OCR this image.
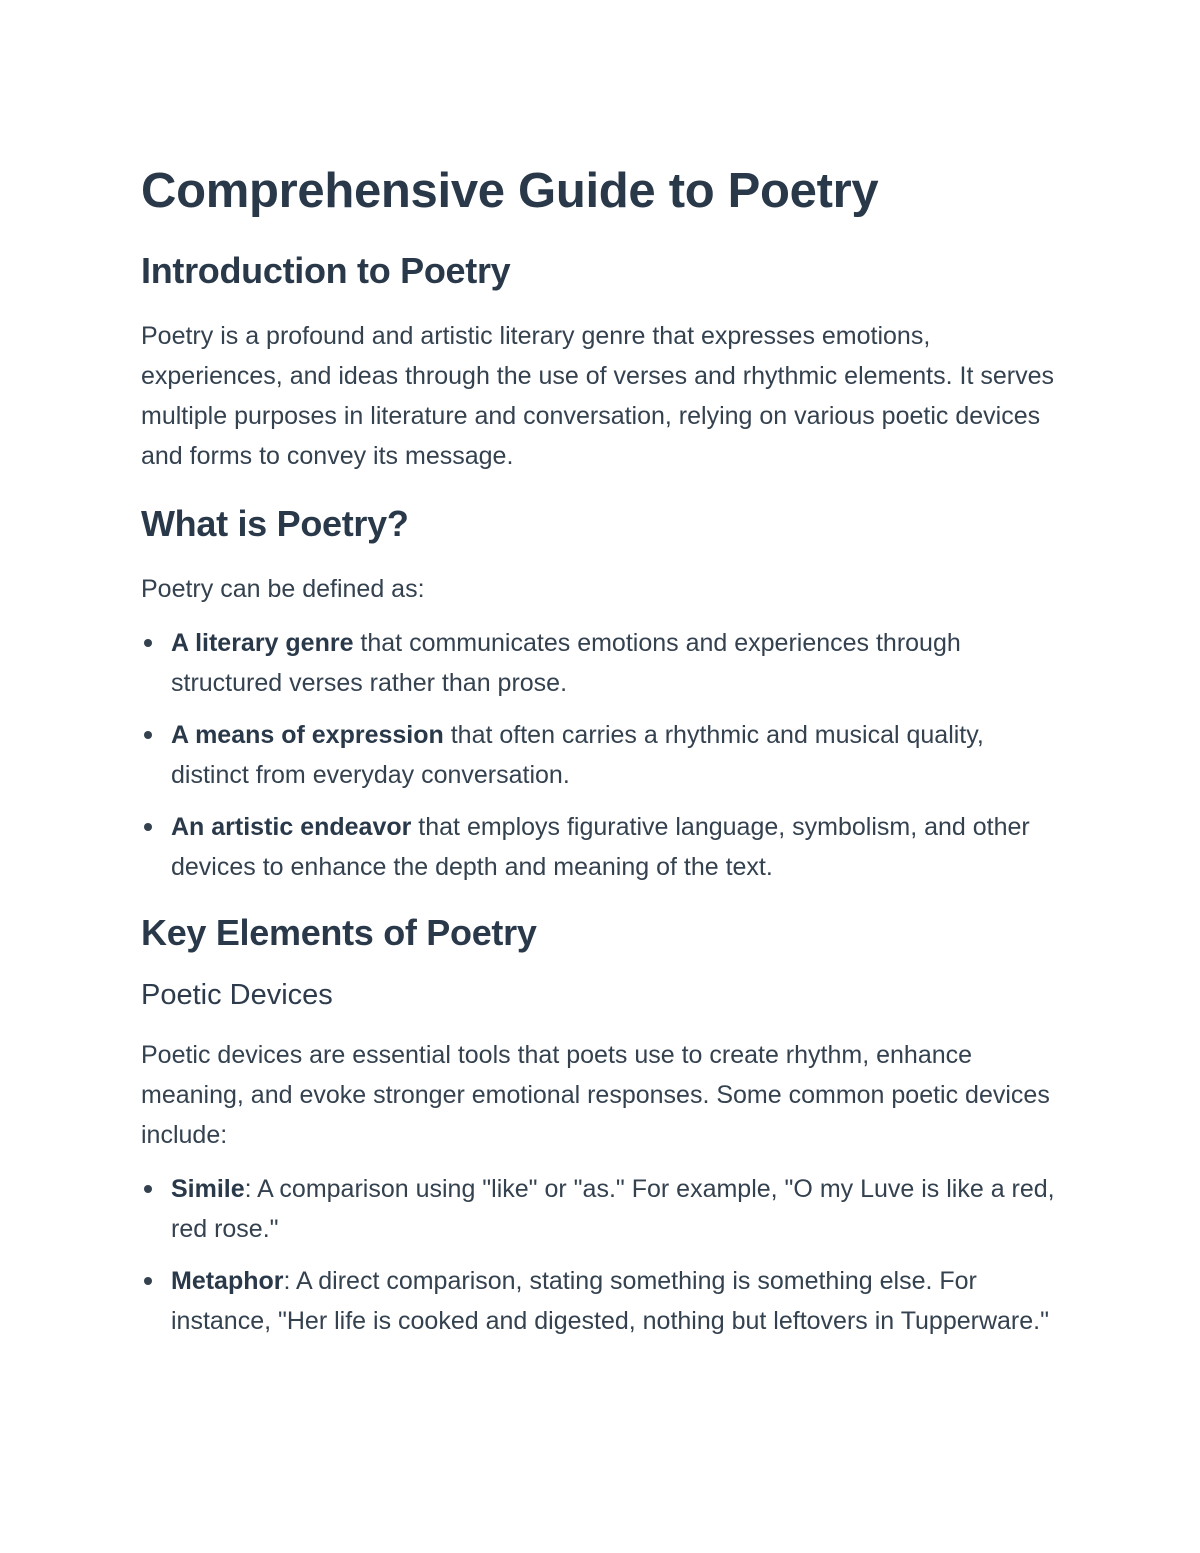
Comprehensive Guide to Poetry
Introduction to Poetry

Poetry is a profound and artistic literary genre that expresses emotions, experiences, and ideas through the use of verses and rhythmic elements. It serves multiple purposes in literature and conversation, relying on various poetic devices and forms to convey its message.

What is Poetry?

Poetry can be defined as:

A literary genre that communicates emotions and experiences through structured verses rather than prose.
A means of expression that often carries a rhythmic and musical quality, distinct from everyday conversation.
An artistic endeavor that employs figurative language, symbolism, and other devices to enhance the depth and meaning of the text.
Key Elements of Poetry
Poetic Devices

Poetic devices are essential tools that poets use to create rhythm, enhance meaning, and evoke stronger emotional responses. Some common poetic devices include:

Simile: A comparison using "like" or "as." For example, "O my Luve is like a red, red rose."
Metaphor: A direct comparison, stating something is something else. For instance, "Her life is cooked and digested, nothing but leftovers in Tupperware."
